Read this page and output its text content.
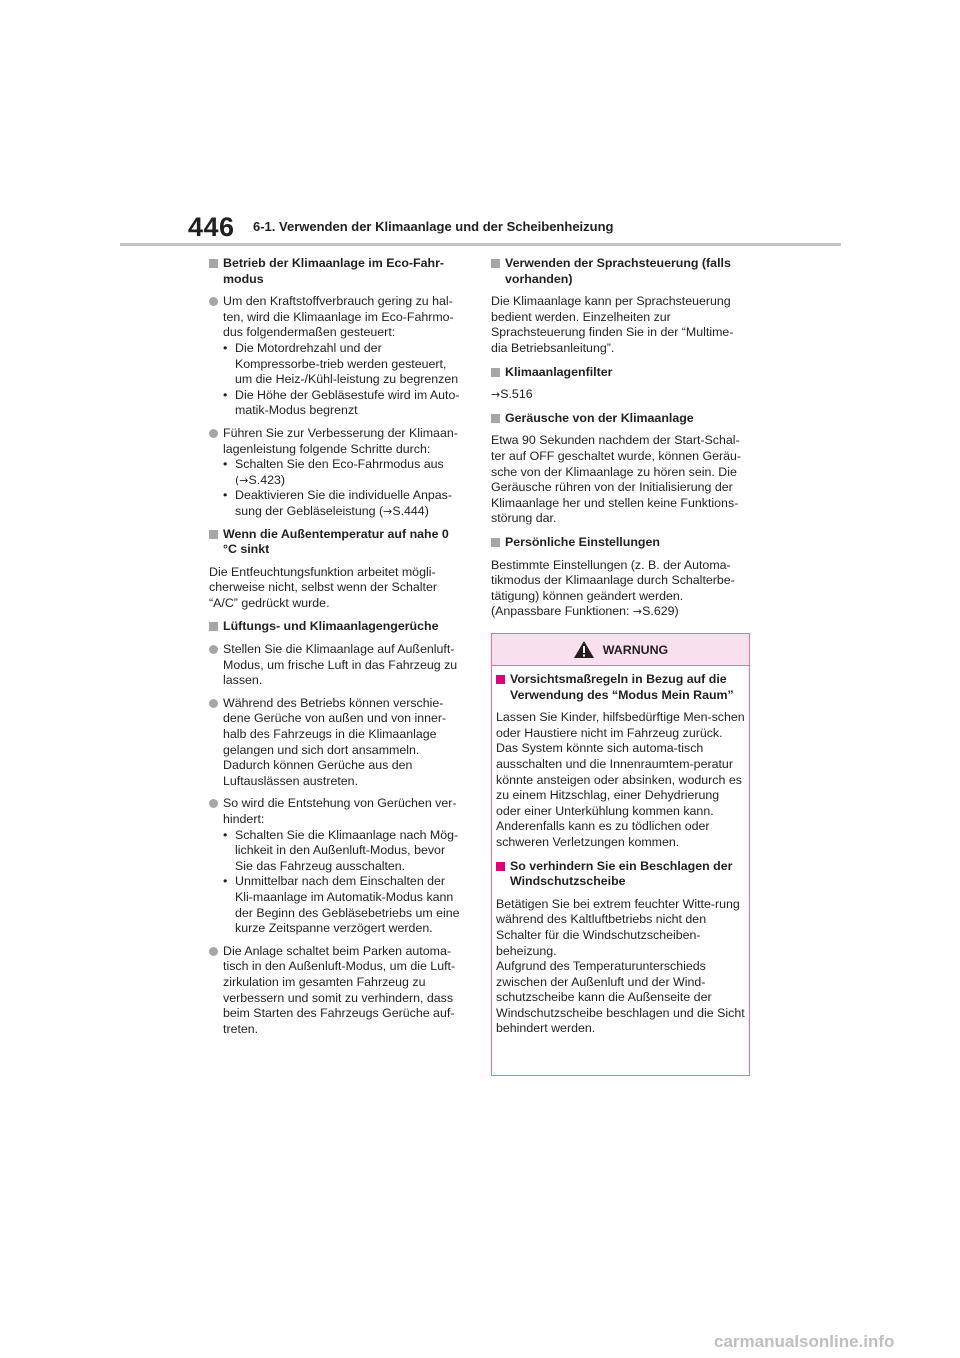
446 6-1. Verwenden der Klimaanlage und der Scheibenheizung
Betrieb der Klimaanlage im Eco-Fahr-modus
Um den Kraftstoffverbrauch gering zu hal-ten, wird die Klimaanlage im Eco-Fahrmo-dus folgendermaßen gesteuert:
• Die Motordrehzahl und der Kompressorbe-trieb werden gesteuert, um die Heiz-/Kühl-leistung zu begrenzen
• Die Höhe der Gebläsestufe wird im Auto-matik-Modus begrenzt
Führen Sie zur Verbesserung der Klimaan-lagenleistung folgende Schritte durch:
• Schalten Sie den Eco-Fahrmodus aus
(→S.423)
• Deaktivieren Sie die individuelle Anpas-sung der Gebläseleistung (→S.444)
Wenn die Außentemperatur auf nahe 0 °C sinkt
Die Entfeuchtungsfunktion arbeitet mögli-cherweise nicht, selbst wenn der Schalter “A/C” gedrückt wurde.
Lüftungs- und Klimaanlagengerüche
Stellen Sie die Klimaanlage auf Außenluft-Modus, um frische Luft in das Fahrzeug zu lassen.
Während des Betriebs können verschie-dene Gerüche von außen und von inner-halb des Fahrzeugs in die Klimaanlage gelangen und sich dort ansammeln. Dadurch können Gerüche aus den Luftauslässen austreten.
So wird die Entstehung von Gerüchen ver-hindert:
• Schalten Sie die Klimaanlage nach Mög-lichkeit in den Außenluft-Modus, bevor Sie das Fahrzeug ausschalten.
• Unmittelbar nach dem Einschalten der Kli-maanlage im Automatik-Modus kann der Beginn des Gebläsebetriebs um eine kurze Zeitspanne verzögert werden.
Die Anlage schaltet beim Parken automa-tisch in den Außenluft-Modus, um die Luft-zirkulation im gesamten Fahrzeug zu verbessern und somit zu verhindern, dass beim Starten des Fahrzeugs Gerüche auf-treten.
Verwenden der Sprachsteuerung (falls vorhanden)
Die Klimaanlage kann per Sprachsteuerung bedient werden. Einzelheiten zur Sprachsteuerung finden Sie in der “Multime-dia Betriebsanleitung”.
Klimaanlagenfilter
→S.516
Geräusche von der Klimaanlage
Etwa 90 Sekunden nachdem der Start-Schal-ter auf OFF geschaltet wurde, können Geräu-sche von der Klimaanlage zu hören sein. Die Geräusche rühren von der Initialisierung der Klimaanlage her und stellen keine Funktions-störung dar.
Persönliche Einstellungen
Bestimmte Einstellungen (z. B. der Automa-tikmodus der Klimaanlage durch Schalterbe-tätigung) können geändert werden. (Anpassbare Funktionen: →S.629)
WARNUNG
Vorsichtsmaßregeln in Bezug auf die Verwendung des “Modus Mein Raum”
Lassen Sie Kinder, hilfsbedürftige Men-schen oder Haustiere nicht im Fahrzeug zurück. Das System könnte sich automa-tisch ausschalten und die Innenraumtem-peratur könnte ansteigen oder absinken, wodurch es zu einem Hitzschlag, einer Dehydrierung oder einer Unterkühlung kommen kann. Anderenfalls kann es zu tödlichen oder schweren Verletzungen kommen.
So verhindern Sie ein Beschlagen der Windschutzscheibe
Betätigen Sie bei extrem feuchter Witte-rung während des Kaltluftbetriebs nicht den Schalter für die Windschutzscheiben-beheizung.
Aufgrund des Temperaturunterschieds zwischen der Außenluft und der Wind-schutzscheibe kann die Außenseite der Windschutzscheibe beschlagen und die Sicht behindert werden.
carmanualsonline.info
